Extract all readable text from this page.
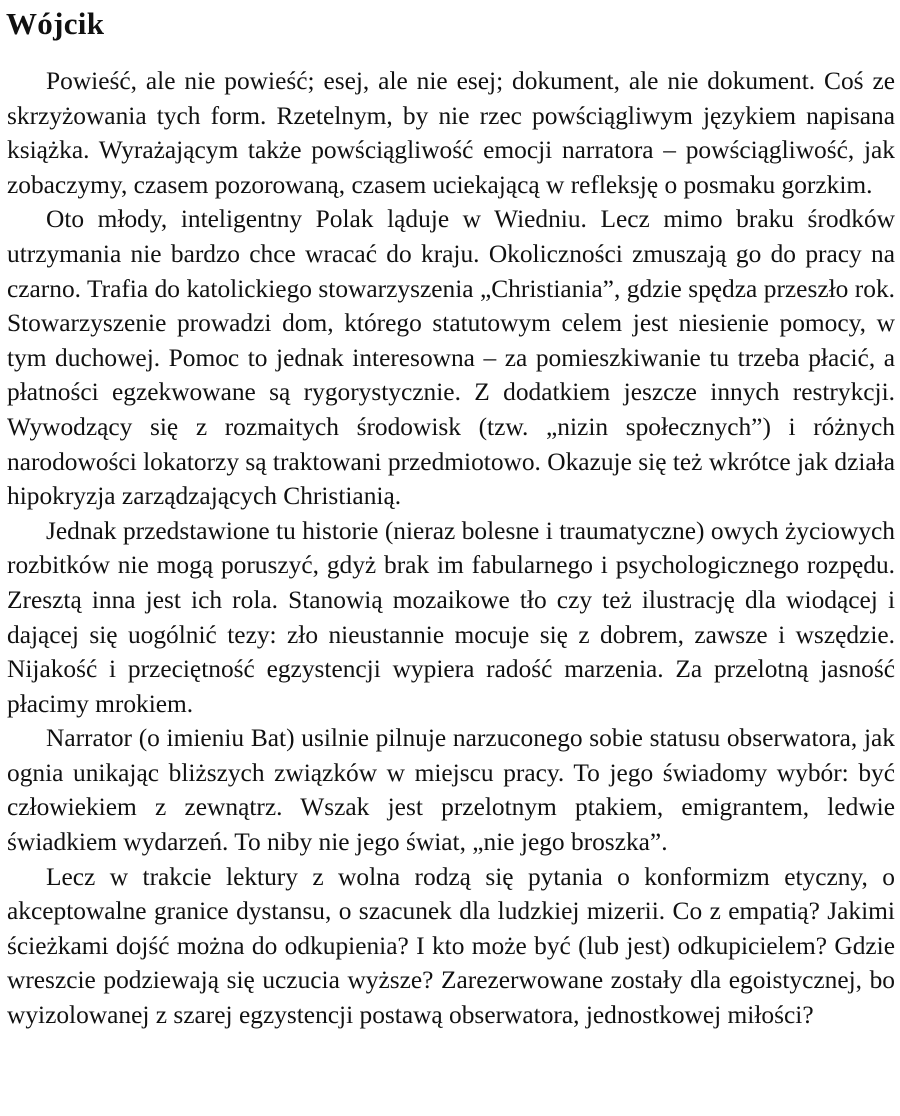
Wójcik

Powieść, ale nie powieść; esej, ale nie esej; dokument, ale nie dokument. Coś ze skrzyżowania tych form. Rzetelnym, by nie rzec powściągliwym językiem napisana książka. Wyrażającym także powściągliwość emocji narratora – powściągliwość, jak zobaczymy, czasem pozorowaną, czasem uciekającą w refleksję o posmaku gorzkim.

Oto młody, inteligentny Polak ląduje w Wiedniu. Lecz mimo braku środków utrzymania nie bardzo chce wracać do kraju. Okoliczności zmuszają go do pracy na czarno. Trafia do katolickiego stowarzyszenia „Christiania”, gdzie spędza przeszło rok. Stowarzyszenie prowadzi dom, którego statutowym celem jest niesienie pomocy, w tym duchowej. Pomoc to jednak interesowna – za pomieszkiwanie tu trzeba płacić, a płatności egzekwowane są rygorystycznie. Z dodatkiem jeszcze innych restrykcji. Wywodzący się z rozmaitych środowisk (tzw. „nizin społecznych”) i różnych narodowości lokatorzy są traktowani przedmiotowo. Okazuje się też wkrótce jak działa hipokryzja zarządzających Christianią.

Jednak przedstawione tu historie (nieraz bolesne i traumatyczne) owych życiowych rozbitków nie mogą poruszyć, gdyż brak im fabularnego i psychologicznego rozpędu. Zresztą inna jest ich rola. Stanowią mozaikowe tło czy też ilustrację dla wiodącej i dającej się uogólnić tezy: zło nieustannie mocuje się z dobrem, zawsze i wszędzie. Nijakość i przeciętność egzystencji wypiera radość marzenia. Za przelotną jasność płacimy mrokiem.

Narrator (o imieniu Bat) usilnie pilnuje narzuconego sobie statusu obserwatora, jak ognia unikając bliższych związków w miejscu pracy. To jego świadomy wybór: być człowiekiem z zewnątrz. Wszak jest przelotnym ptakiem, emigrantem, ledwie świadkiem wydarzeń. To niby nie jego świat, „nie jego broszka”.

Lecz w trakcie lektury z wolna rodzą się pytania o konformizm etyczny, o akceptowalne granice dystansu, o szacunek dla ludzkiej mizerii. Co z empatią? Jakimi ścieżkami dojść można do odkupienia? I kto może być (lub jest) odkupicielem? Gdzie wreszcie podziewają się uczucia wyższe? Zarezerwowane zostały dla egoistycznej, bo wyizolowanej z szarej egzystencji postawą obserwatora, jednostkowej miłości?
